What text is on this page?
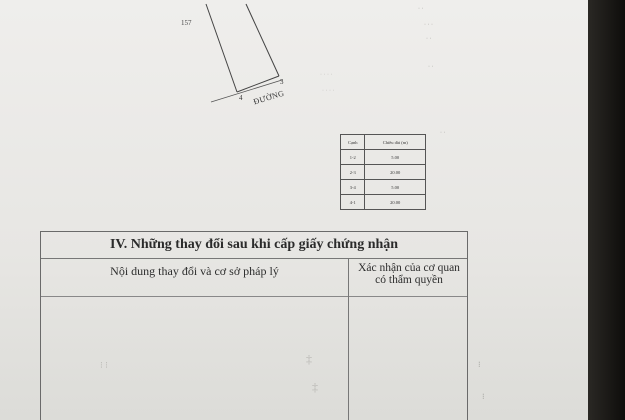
157
4
3
ĐƯỜNG
· ·
· · ·
· ·
· ·
· ·
· · · ·
· · · ·
Cạnh	Chiều dài (m)
1-2	5.00
2-3	20.00
3-4	5.00
4-1	20.00
IV. Những thay đổi sau khi cấp giấy chứng nhận
Nội dung thay đổi và cơ sở pháp lý	Xác nhận của cơ quan
có thẩm quyền
⁝ ⁝	‡
‡
⁝
⁝
